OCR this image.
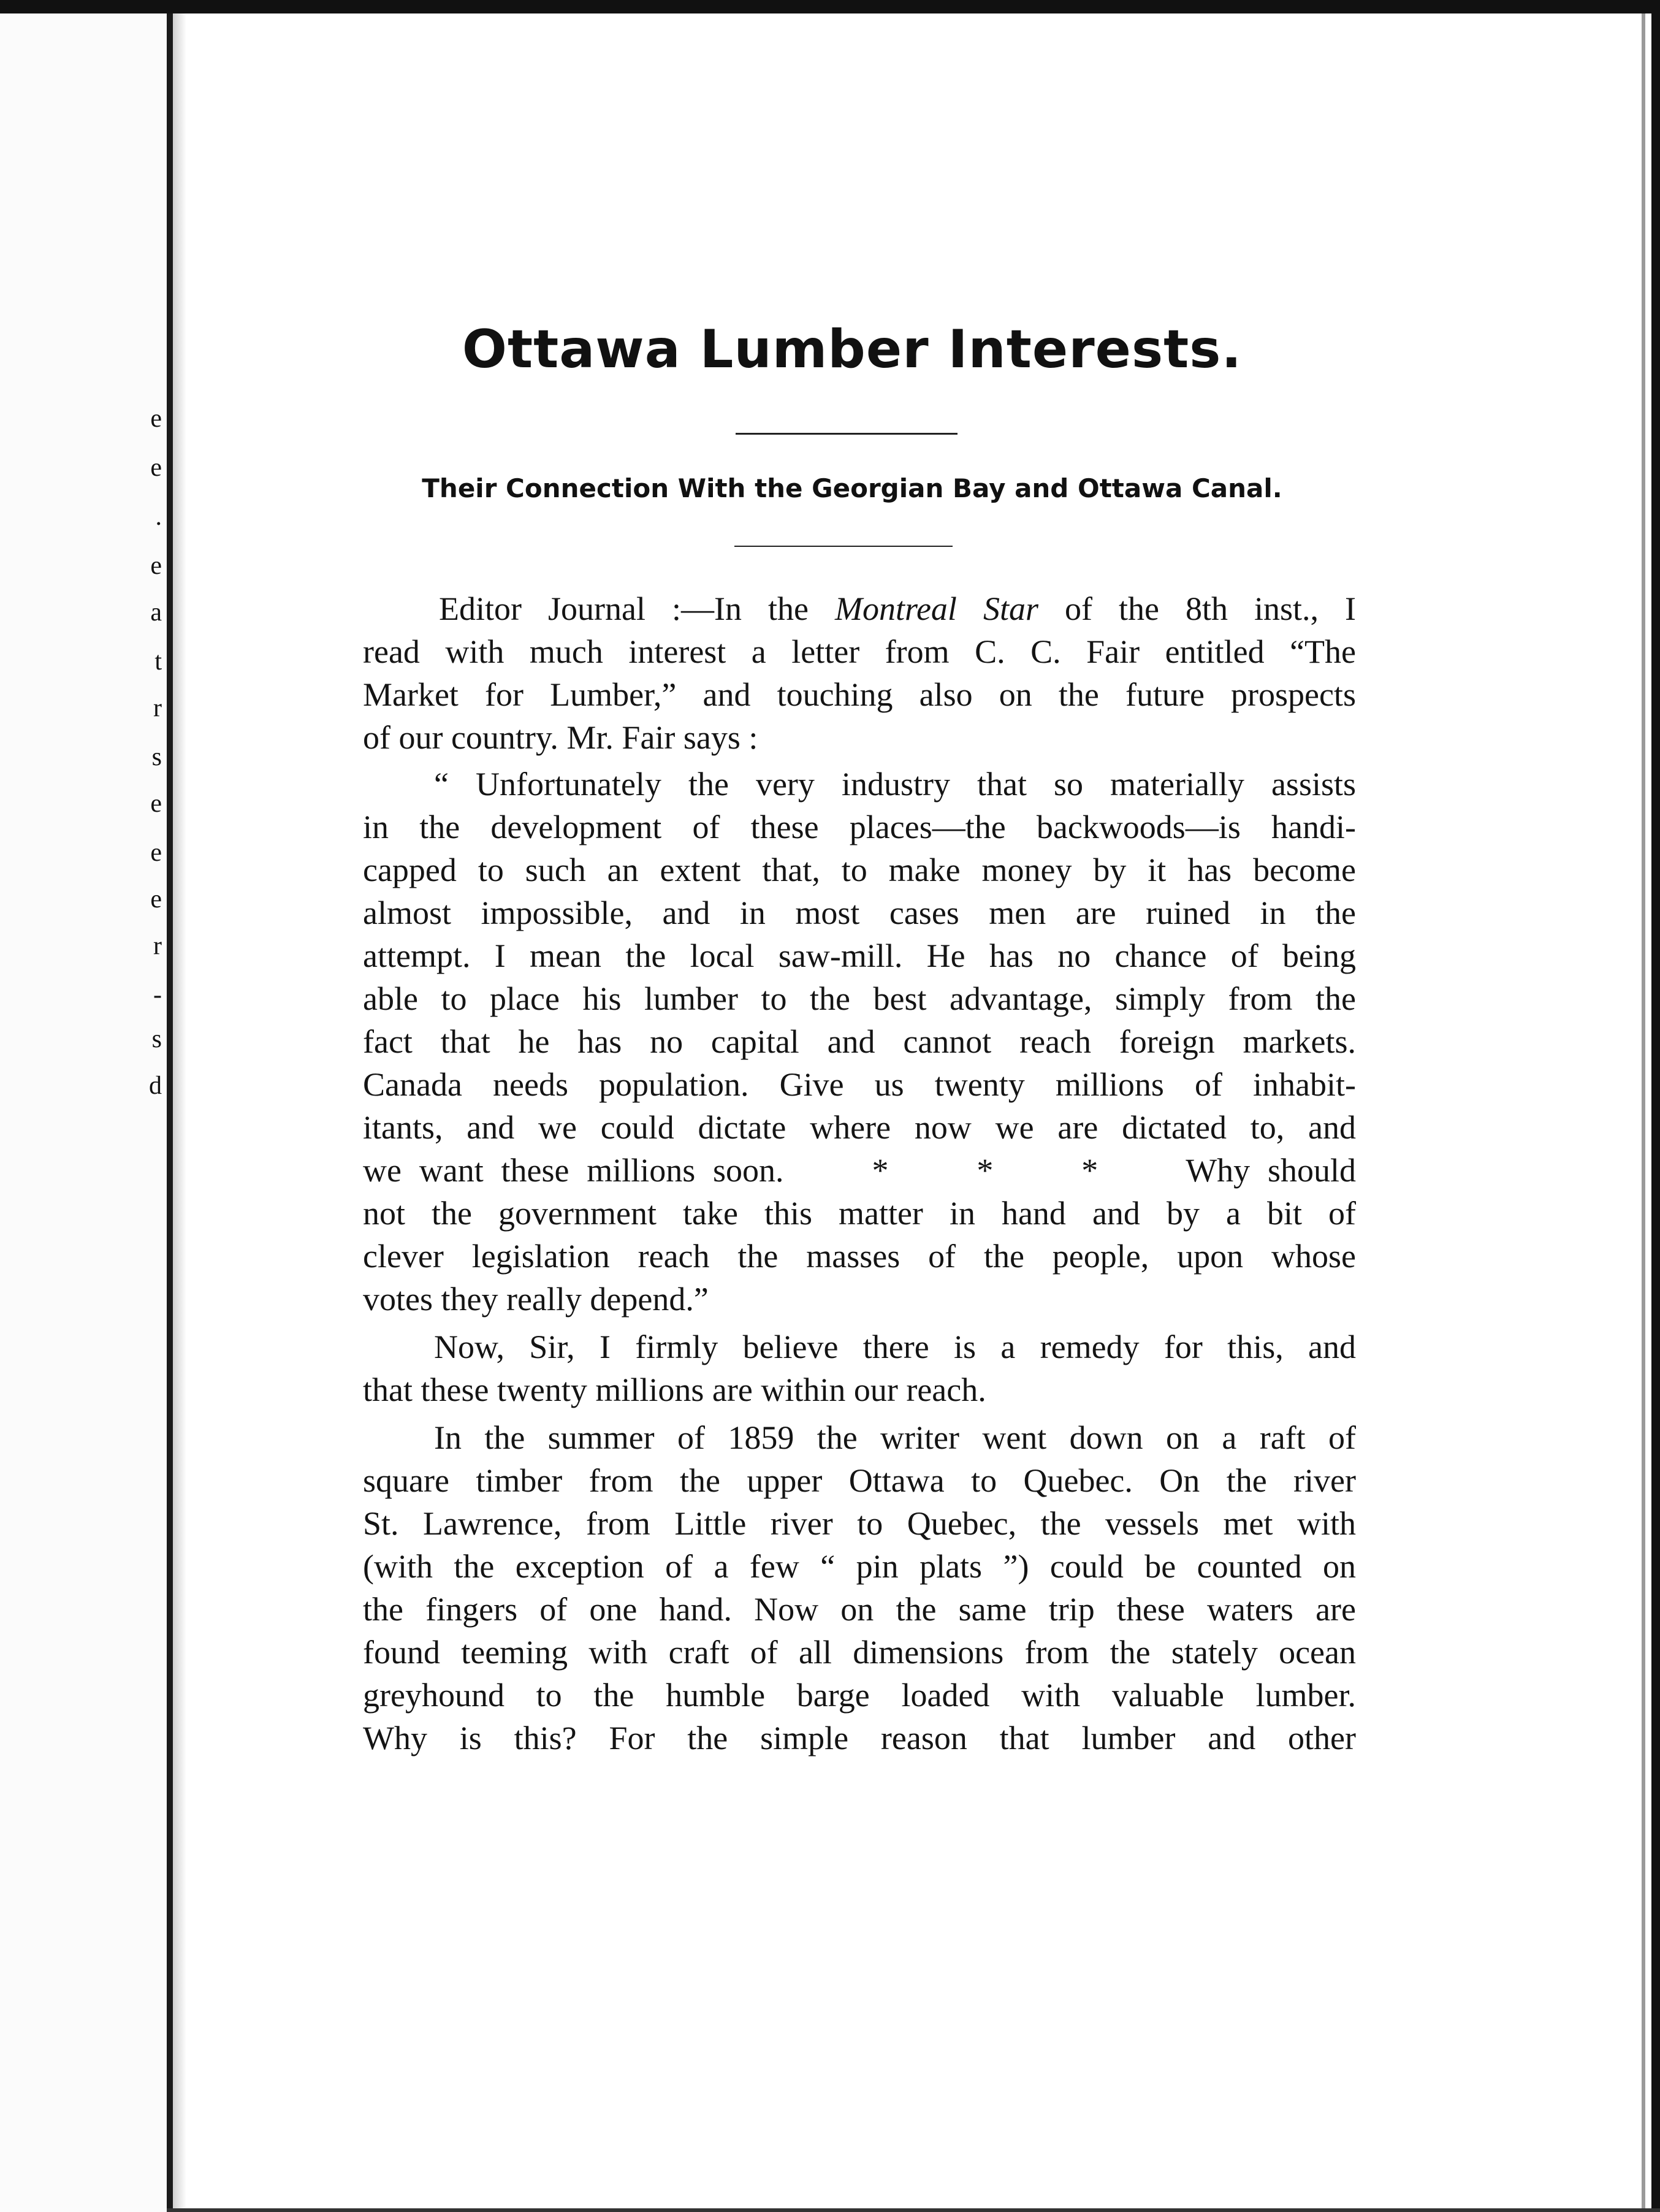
e
e
.
e
a
t
r
s
e
e
e
r
-
s
d
Ottawa Lumber Interests.
Their Connection With the Georgian Bay and Ottawa Canal.
Editor Journal :—In the Montreal Star of the 8th inst., I
read with much interest a letter from C. C. Fair entitled “The
Market for Lumber,” and touching also on the future prospects
of our country. Mr. Fair says :
“ Unfortunately the very industry that so materially assists
in the development of these places—the backwoods—is handi-
capped to such an extent that, to make money by it has become
almost impossible, and in most cases men are ruined in the
attempt. I mean the local saw-mill. He has no chance of being
able to place his lumber to the best advantage, simply from the
fact that he has no capital and cannot reach foreign markets.
Canada needs population. Give us twenty millions of inhabit-
itants, and we could dictate where now we are dictated to, and
we want these millions soon.     *     *     *     Why should
not the government take this matter in hand and by a bit of
clever legislation reach the masses of the people, upon whose
votes they really depend.”
Now, Sir, I firmly believe there is a remedy for this, and
that these twenty millions are within our reach.
In the summer of 1859 the writer went down on a raft of
square timber from the upper Ottawa to Quebec. On the river
St. Lawrence, from Little river to Quebec, the vessels met with
(with the exception of a few “ pin plats ”) could be counted on
the fingers of one hand. Now on the same trip these waters are
found teeming with craft of all dimensions from the stately ocean
greyhound to the humble barge loaded with valuable lumber.
Why is this? For the simple reason that lumber and other
